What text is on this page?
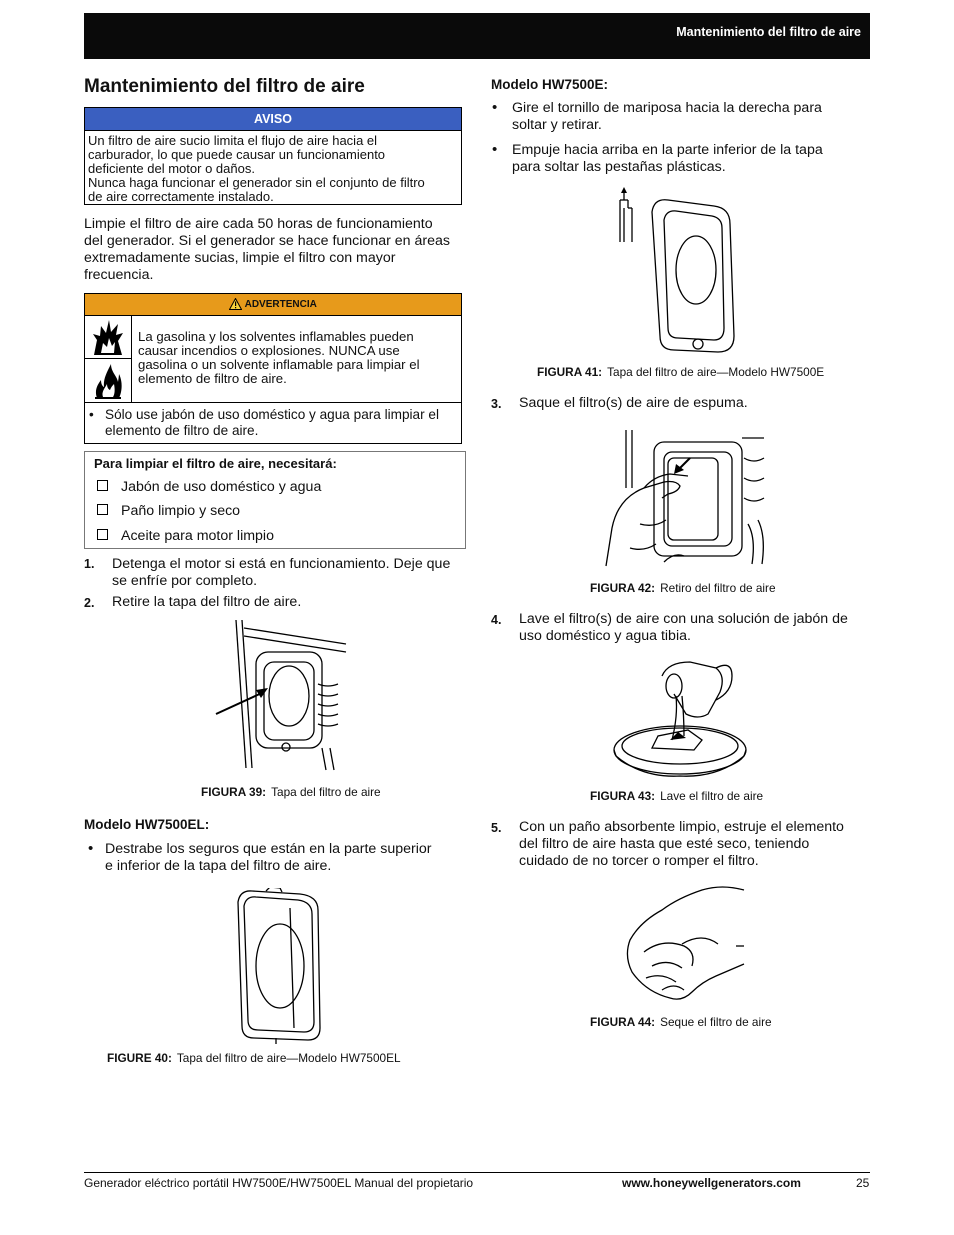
Mantenimiento del filtro de aire
Mantenimiento del filtro de aire
AVISO
Un filtro de aire sucio limita el flujo de aire hacia el
carburador, lo que puede causar un funcionamiento
deficiente del motor o daños.
Nunca haga funcionar el generador sin el conjunto de filtro
de aire correctamente instalado.
Limpie el filtro de aire cada 50 horas de funcionamiento
del generador. Si el generador se hace funcionar en áreas
extremadamente sucias, limpie el filtro con mayor
frecuencia.
ADVERTENCIA
La gasolina y los solventes inflamables pueden
causar incendios o explosiones. NUNCA use
gasolina o un solvente inflamable para limpiar el
elemento de filtro de aire.
• Sólo use jabón de uso doméstico y agua para limpiar el
elemento de filtro de aire.
Para limpiar el filtro de aire, necesitará:
Jabón de uso doméstico y agua
Paño limpio y seco
Aceite para motor limpio
1. Detenga el motor si está en funcionamiento. Deje que
se enfríe por completo.
2. Retire la tapa del filtro de aire.
FIGURA 39: Tapa del filtro de aire
Modelo HW7500EL:
• Destrabe los seguros que están en la parte superior
e inferior de la tapa del filtro de aire.
FIGURE 40: Tapa del filtro de aire—Modelo HW7500EL
Modelo HW7500E:
• Gire el tornillo de mariposa hacia la derecha para
soltar y retirar.
• Empuje hacia arriba en la parte inferior de la tapa
para soltar las pestañas plásticas.
FIGURA 41: Tapa del filtro de aire—Modelo HW7500E
3. Saque el filtro(s) de aire de espuma.
FIGURA 42: Retiro del filtro de aire
4. Lave el filtro(s) de aire con una solución de jabón de
uso doméstico y agua tibia.
FIGURA 43: Lave el filtro de aire
5. Con un paño absorbente limpio, estruje el elemento
del filtro de aire hasta que esté seco, teniendo
cuidado de no torcer o romper el filtro.
FIGURA 44: Seque el filtro de aire
Generador eléctrico portátil HW7500E/HW7500EL Manual del propietario	www.honeywellgenerators.com	25
